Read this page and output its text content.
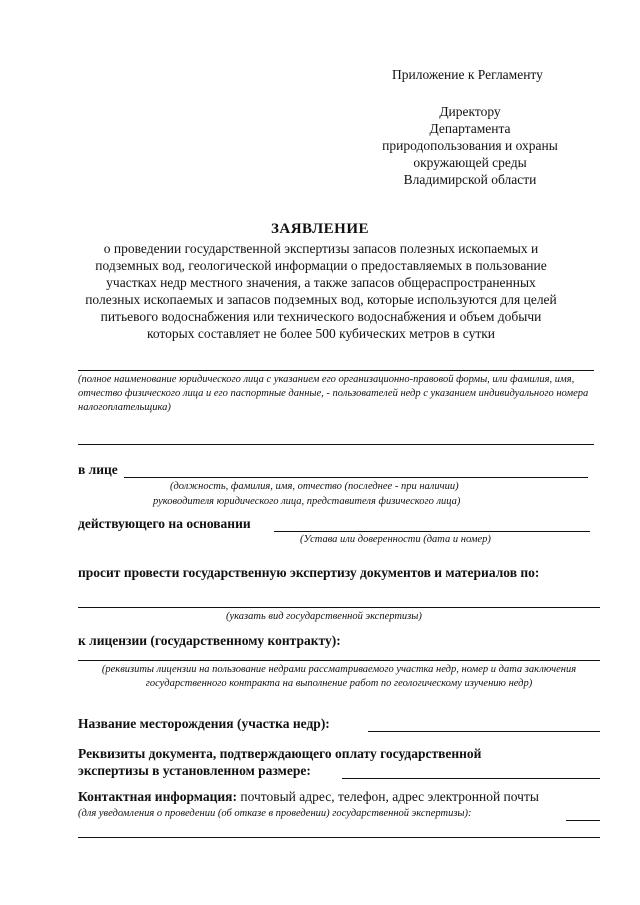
Приложение к Регламенту
Директору
Департамента
природопользования и охраны
окружающей среды
Владимирской области
ЗАЯВЛЕНИЕ
о проведении государственной экспертизы запасов полезных ископаемых и подземных вод, геологической информации о предоставляемых в пользование участках недр местного значения, а также запасов общераспространенных полезных ископаемых и запасов подземных вод, которые используются для целей питьевого водоснабжения или технического водоснабжения и объем добычи которых составляет не более 500 кубических метров в сутки
(полное наименование юридического лица с указанием его организационно-правовой формы, или фамилия, имя, отчество физического лица и его паспортные данные, - пользователей недр с указанием индивидуального номера налогоплательщика)
в лице
(должность, фамилия, имя, отчество (последнее - при наличии)
руководителя юридического лица, представителя физического лица)
действующего на основании
(Устава или доверенности (дата и номер)
просит провести государственную экспертизу документов и материалов по:
(указать вид государственной экспертизы)
к лицензии (государственному контракту):
(реквизиты лицензии на пользование недрами рассматриваемого участка недр, номер и дата заключения государственного контракта на выполнение работ по геологическому изучению недр)
Название месторождения (участка недр):
Реквизиты документа, подтверждающего оплату государственной
экспертизы в установленном размере:
Контактная информация: почтовый адрес, телефон, адрес электронной почты
(для уведомления о проведении (об отказе в проведении) государственной экспертизы):
